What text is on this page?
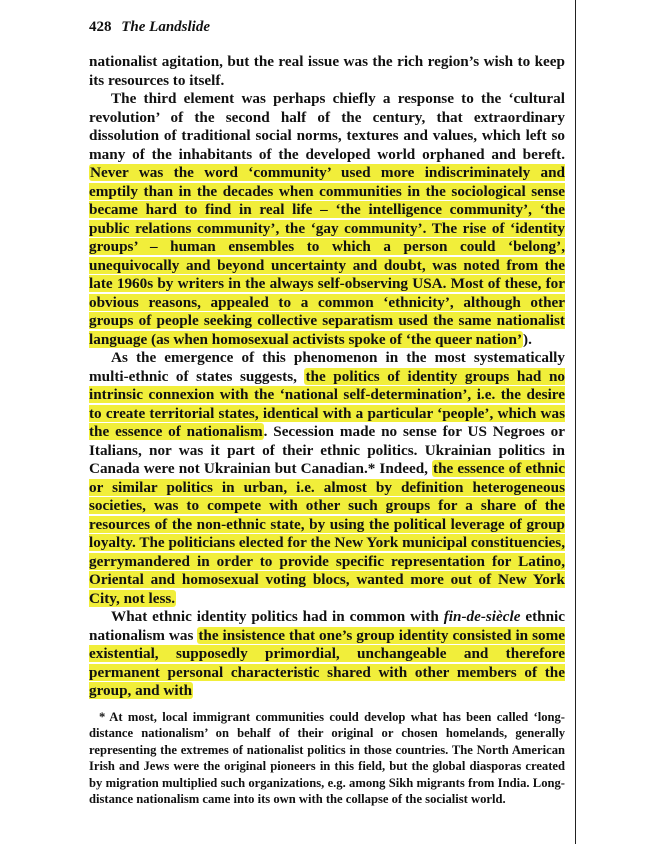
428 The Landslide

nationalist agitation, but the real issue was the rich region’s wish to keep its resources to itself.

The third element was perhaps chiefly a response to the ‘cultural revolution’ of the second half of the century, that extraordinary dissolution of traditional social norms, textures and values, which left so many of the inhabitants of the developed world orphaned and bereft. Never was the word ‘community’ used more indiscriminately and emptily than in the decades when communities in the sociological sense became hard to find in real life – ‘the intelligence community’, ‘the public relations community’, the ‘gay community’. The rise of ‘identity groups’ – human ensembles to which a person could ‘belong’, unequivocally and beyond uncertainty and doubt, was noted from the late 1960s by writers in the always self-observing USA. Most of these, for obvious reasons, appealed to a common ‘ethnicity’, although other groups of people seeking collective separatism used the same nationalist language (as when homosexual activists spoke of ‘the queer nation’).

As the emergence of this phenomenon in the most systematically multi-ethnic of states suggests, the politics of identity groups had no intrinsic connexion with the ‘national self-determination’, i.e. the desire to create territorial states, identical with a particular ‘people’, which was the essence of nationalism. Secession made no sense for US Negroes or Italians, nor was it part of their ethnic politics. Ukrainian politics in Canada were not Ukrainian but Canadian.* Indeed, the essence of ethnic or similar politics in urban, i.e. almost by definition heterogeneous societies, was to compete with other such groups for a share of the resources of the non-ethnic state, by using the political leverage of group loyalty. The politicians elected for the New York municipal constituencies, gerrymandered in order to provide specific representation for Latino, Oriental and homosexual voting blocs, wanted more out of New York City, not less.

What ethnic identity politics had in common with fin-de-siècle ethnic nationalism was the insistence that one’s group identity consisted in some existential, supposedly primordial, unchangeable and therefore permanent personal characteristic shared with other members of the group, and with

* At most, local immigrant communities could develop what has been called ‘long-distance nationalism’ on behalf of their original or chosen homelands, generally representing the extremes of nationalist politics in those countries. The North American Irish and Jews were the original pioneers in this field, but the global diasporas created by migration multiplied such organizations, e.g. among Sikh migrants from India. Long-distance nationalism came into its own with the collapse of the socialist world.
